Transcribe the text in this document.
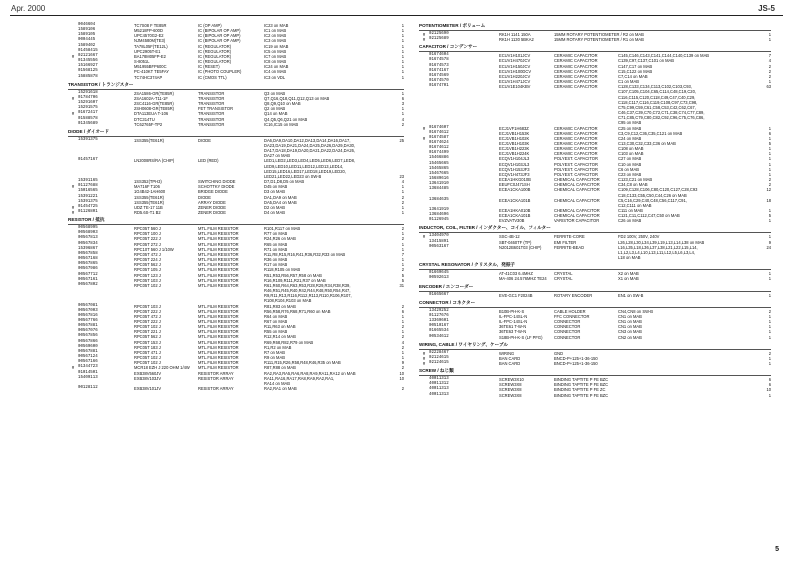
Apr. 2000	JS-5
0046604	TC7S08 F TE85R	IC (OP AMP)	IC23 on MAB	1
1589106	M5218FP-600D	IC (BIPOLAR OP AMP)	IC1 on MAB	1
1589105	UPC4570G2-E2	IC (BIPOLAR OP AMP)	IC2 on MAB	1
0004445	NJM4580M(TE3)	IC (BIPOLAR OP AMP)	IC3 on MAB	1
1589402	TA78L05F(TE12L)	IC (REGULATOR)	IC19 on MAB	1
01458415	UPC2905T-E1	IC (REGULATOR)	IC5 on MAB	1
# 02121667	BA178M05FP-E2	IC (REGULATOR)	IC7 on MAB	1
01345556	S-8051L	IC (REGULATOR)	IC8 on MAB	1
15166927	M51955BFP600C	IC (RESET)	IC24 on MAB	1
01568125	PC-410KT TE5FAY	IC (PHOTO COUPLER)	IC4 on MAB	1
15885878	TC74HC374AP	IC (CMOS TTL)	IC3 on VDL	1
TRANSISTOR / トランジスター
15291618	2SA1586-GR(TE85R)	TRANSISTOR	Q3 on MAB	1
# 01784706	2SA1602A-T11-1F	TRANSISTOR	Q7,Q16,Q18,Q11,Q12,Q13 on MAB	6
15291607	2SC4116-GR(TE85R)	TRANSISTOR	Q8,Q9,Q10 on MAB	3
15291575	2SH0608-GR(TE85R)	FET TRANSISTOR	Q2 on MAB	1
# 01672417	DTA113EUA T-106	TRANSISTOR	Q14 on MAB	1
01588578	DTC314TU	TRANSISTOR	Q4,Q5,Q6,Q21 on MAB	4
01345689	TC62765F-TP2	TRANSISTOR	IC16,IC15 on MAB	2
DIODE / ダイオード
15391375	1SS355(TE61R)	DIODE	DA6,DA9,DA10,DA12,DA13,DA14,DA16,DA17,	25
DA23,DA19,DA21,DA24,DA25,DA26,DA29,DA30,
DA17,DA18,DA19,DA20,DA21,DA22,DA24,DA26,
DA27 on MAB
01457167	LN2008RS/RA (CHIP)	LED (RED)	LED1,LED2,LED3,LED4,LED5,LED6,LED7,LED8,
LED9,LED10,LED11,LED12,LED13,LED14,
LED15,LED16,LED17,LED18,LED19,LED20,
LED21,LED22,LED23 on SW-B	23
15391165	1SS352(TPH3)	SWITCHING DIODE	D7,D1,D8,D5 on MAB	4
# 01127688	MA716F T106	SCHOTTKY DIODE	D45 on MAB	1
15016565	1G4B42-1AH600	BRIDGE DIODE	D3 on MAB	1
15391221	1SS355(TE61R)	DIODE	DA1,DA9 on MAB	2
15391375	1SS355(TE61R)	ARRAY DIODE	DA5,DA4 on MAB	2
# 01454725	UDZ TE-17 11B	ZENER DIODE	D2 on MAB	1
# 01126801	RD5.6S-T1 B2	ZENER DIODE	D4 on MAB	1
RESISTOR / 抵抗
00568995	RPC05T 560 J	MTL.FILM RESISTOR	R101,R117 on MAB	2
00568903	RPC05T 100 J	MTL.FILM RESISTOR	R77 on MAB	1
00567813	RPC05T 222 J	MTL.FILM RESISTOR	R24,R26 on MAB	2
00567834	RPC05T 272 J	MTL.FILM RESISTOR	R65 on MAB	1
15396867	RPC10T 560 J 1/10W	MTL.FILM RESISTOR	R71 on MAB	1
00567858	RPC05T 472 J	MTL.FILM RESISTOR	R11,R8,R15,R16,R41,R36,R32,R33 on MAB	7
00567168	RPC05T 224 J	MTL.FILM RESISTOR	R36 on MAB	1
00567865	RPC05T 562 J	MTL.FILM RESISTOR	R17 on MAB	1
00567986	RPC05T 105 J	MTL.FILM RESISTOR	R118,R105 on MAB	2
00567712	RPC05T 123 J	MTL.FILM RESISTOR	R51,R53,R56,R57,R58 on MAB	5
00567161	RPC05T 103 J	MTL.FILM RESISTOR	R16,R109,R111,R21,R37 on MAB	5
00567802	RPC05T 102 J	MTL.FILM RESISTOR	R61,R60,R64,R63,R53,R28,R29,R34,R38,R39,	31
R46,R51,R45,R40,R42,R44,R48,R50,R54,R47,
R9,R11,R13,R116,R112,R113,R110,R106,R107,
R108,R104,R103 on MAB
00567081	RPC05T 103 J	MTL.FILM RESISTOR	R81,R83 on MAB	2
00567003	RPC05T 222 J	MTL.FILM RESISTOR	R56,R58,R76,R68,R71,R60 on MAB	6
00567816	RPC05T 472 J	MTL.FILM RESISTOR	R64 on MAB	1
00567766	RPC05T 222 J	MTL.FILM RESISTOR	R67 on MAB	1
00567881	RPC05T 102 J	MTL.FILM RESISTOR	R11,R63 on MAB	2
00567076	RPC05T 221 J	MTL.FILM RESISTOR	R55 on MAB	1
00567856	RPC05T 562 J	MTL.FILM RESISTOR	R12,R14 on MAB	2
00567866	RPC05T 153 J	MTL.FILM RESISTOR	R69,R68,R82,R79 on MAB	4
00569600	RPC05T 183 J	MTL.FILM RESISTOR	R1,R2 on MAB	2
00567881	RPC05T 471 J	MTL.FILM RESISTOR	R7 on MAB	1
00567124	RPC05T 102 J	MTL.FILM RESISTOR	R9 on MAB	1
00567166	RPC05T 102 J	MTL.FILM RESISTOR	R111,R15,R26,R58,R48,R46,R35 on MAB	9
# 01344723	MCR18 EZH J 220 OHM 1/4W	MTL.FILM RESISTOR	R87,R88 on MAB	2
01014501	EXB38V560JV	RESISTOR ARRAY	RA2,RA3,RA5,RA6,RA8,RA9,RA11,RA12 on MAB	10
15409113	EXB38V103JV	RESISTOR ARRAY	RA11,RA16,RA17,RA8,RA9,RA2,RA1,	10
RA14 on MAB
00128112	EXB38V101JV	RESISTOR ARRAY	RA2,RA1 on MAB	2
POTENTIOMETER / ボリューム
# 02125690	RK1H 1141 150A	15MM ROTARY POTENTIOMETER / R2 on MAB	1
# 02125689	RK1H 1130 5BKA2	15MM ROTARY POTENTIOMETER / R1 on MAB	1
CAPACITOR / コンデンサー
01674604	ECUV1H101JCV	CERAMIC CAPACITOR	C145,C146,C143,C141,C144,C140,C139 on MAB	7
01674578	ECUV1H470JCV	CERAMIC CAPACITOR	C139,C97,C137,C101 on MAB	4
01674573	ECUV1H150JCV	CERAMIC CAPACITOR	C147,C17 on MAB	2
01674167	ECUV1H100DCV	CERAMIC CAPACITOR	C15,C122 on MAB	2
01674569	ECUV1H220JCV	CERAMIC CAPACITOR	C7,C14 on MAB	2
01674570	ECUV1H471JCV	CERAMIC CAPACITOR	C1 on MAB	1
01674701	ECUV1E104KBV	CERAMIC CAPACITOR	C128,C133,C134,C113,C102,C103,C93,	63
C107,C105,C104,C65,C114,C48,C19,C20,
C116,C115,C120,C118,C49,C47,C40,C29,
C118,C117,C116,C119,C108,C97,C73,C98,
C75,C99,C59,C61,C58,C53,C42,C62,C67,
C46,C37,C39,C70,C72,C71,C38,C74,C77,C89,
C71,C85,C79,C80,C82,C92,C96,C75,C76,C86,
C95 on MAB
# 01674607	ECJ1VF1H683Z	CERAMIC CAPACITOR	C25 on MAB	1
01674612	ECJ1VB1H153K	CERAMIC CAPACITOR	C3,C9,C12,C36,C35,C121 on MAB	6
# 01674587	ECJ1VB1H102K	CERAMIC CAPACITOR	C24 on MAB	1
01674624	ECJ1VB1H103K	CERAMIC CAPACITOR	C13,C30,C32,C33,C36 on MAB	5
01674612	ECJ1VB1H223K	CERAMIC CAPACITOR	C108 on MAB	1
01674499	ECJ1VB1H224K	CERAMIC CAPACITOR	C103 on MAB	1
15466886	ECQV1H104JL3	POLYEST. CAPACITOR	C27 on MAB	1
15465665	ECQV1H103JL3	POLYEST. CAPACITOR	C10 on MAB	1
15465865	ECQV1H153JF3	POLYEST. CAPACITOR	C6 on MAB	1
15467665	ECQV1H473JF3	POLYEST. CAPACITOR	C23 on MAB	1
15689616	ECEA1HKG010B	CHEMICAL CAPACITOR	C123,C21 on MAB	2
13641910	EEUFC0J471SH	CHEMICAL CAPACITOR	C34,C8 on MAB	2
13684485	ECEA1CKA100B	CHEMICAL CAPACITOR	C109,C128,C106,C80,C120,C127,C28,C93	12
C18,C133,C55,C50,C44,C26 on MAB
13684635	ECEA1CKA101B	CHEMICAL CAPACITOR	C5,C16,C29,C40,C48,C56,C117,C91,	18
C12,C111 on MAB
13641919	ECEA1HKA010B	CHEMICAL CAPACITOR	C111 on MAB	1
13684696	ECEA1CKA101B	CHEMICAL CAPACITOR	C121,C11,C112,C47,C50 on MAB	5
01126945	EVZVATV30B	VARISTOR CAPACITOR	C26 on MAB	1
INDUCTOR, COIL, FILTER / インダクター、コイル、フィルター
# 13404970	SSC-4B-12	FERRITE-CORE	FD2 100V, 250V, 240V	1
13415891	SBT-0460TF (TP)	EMI FILTER	L26,L28,L30,L34,L39,L19,L13,L14,L38 on MAB	9
00563167	N2012B601T03 (CHIP)	FERRITE-BEAD	L16,L35,L18,L36,L37,L38,L21,L22,L15,L14,	24
L1,L2,L3,L4,L10,L13,L11,L12,L5,L6,L3,L4,
L18 on MAB
CRYSTAL RESONATOR / クリスタル、発振子
01669645	AT-41C03 6.4MHZ	CRYSTAL	X2 on MAB	1
00592613	MA-406 24.576MHZ TE24	CRYSTAL	X1 on MAB	1
ENCODER / エンコーダー
01665667	EVE-GC1 F2024B	ROTARY ENCODER	EN1 on SW-B	1
CONNECTOR / コネクター
13429252	B10B-PH-K-S	CABLE HOLDER	CN4,CN8 on SW-B	2
01127676	IL-FPC-14SL-N	FFC CONNECTOR	CN1 on MAB	1
13369601	IL-FPC-14SL-N	CONNECTOR	CN1 on MAB	1
00510167	36TE61 T-W-N	CONNECTOR	CN1 on MAB	1
01665534	36TE63 T-W-N	CONNECTOR	CN3 on MAB	1
00534612	S18B-PH-K-S (LF PFG)	CONNECTOR	CN2 on MAB	1
WIRING, CABLE / ワイヤリング、ケーブル
# 02228467	WIRING	GND	2
# 02124615	BAN CARD	BNCD-P+125+1-36-150	1
# 02124615	BAN CARD	BNCD-P+125+1-36-150	1
SCREW / ねじ類
40011313	SCREW3X10	BINDING TAPTITE P FE BZC	6
40011312	SCREW3X8	BINDING TAPTITE P FE BZC	6
40011313	SCREW3X8	BINDING TAPTITE P FE ZC	10
40011313	SCREW3X8	BINDING TAPTITE P FE BZC	1
5
